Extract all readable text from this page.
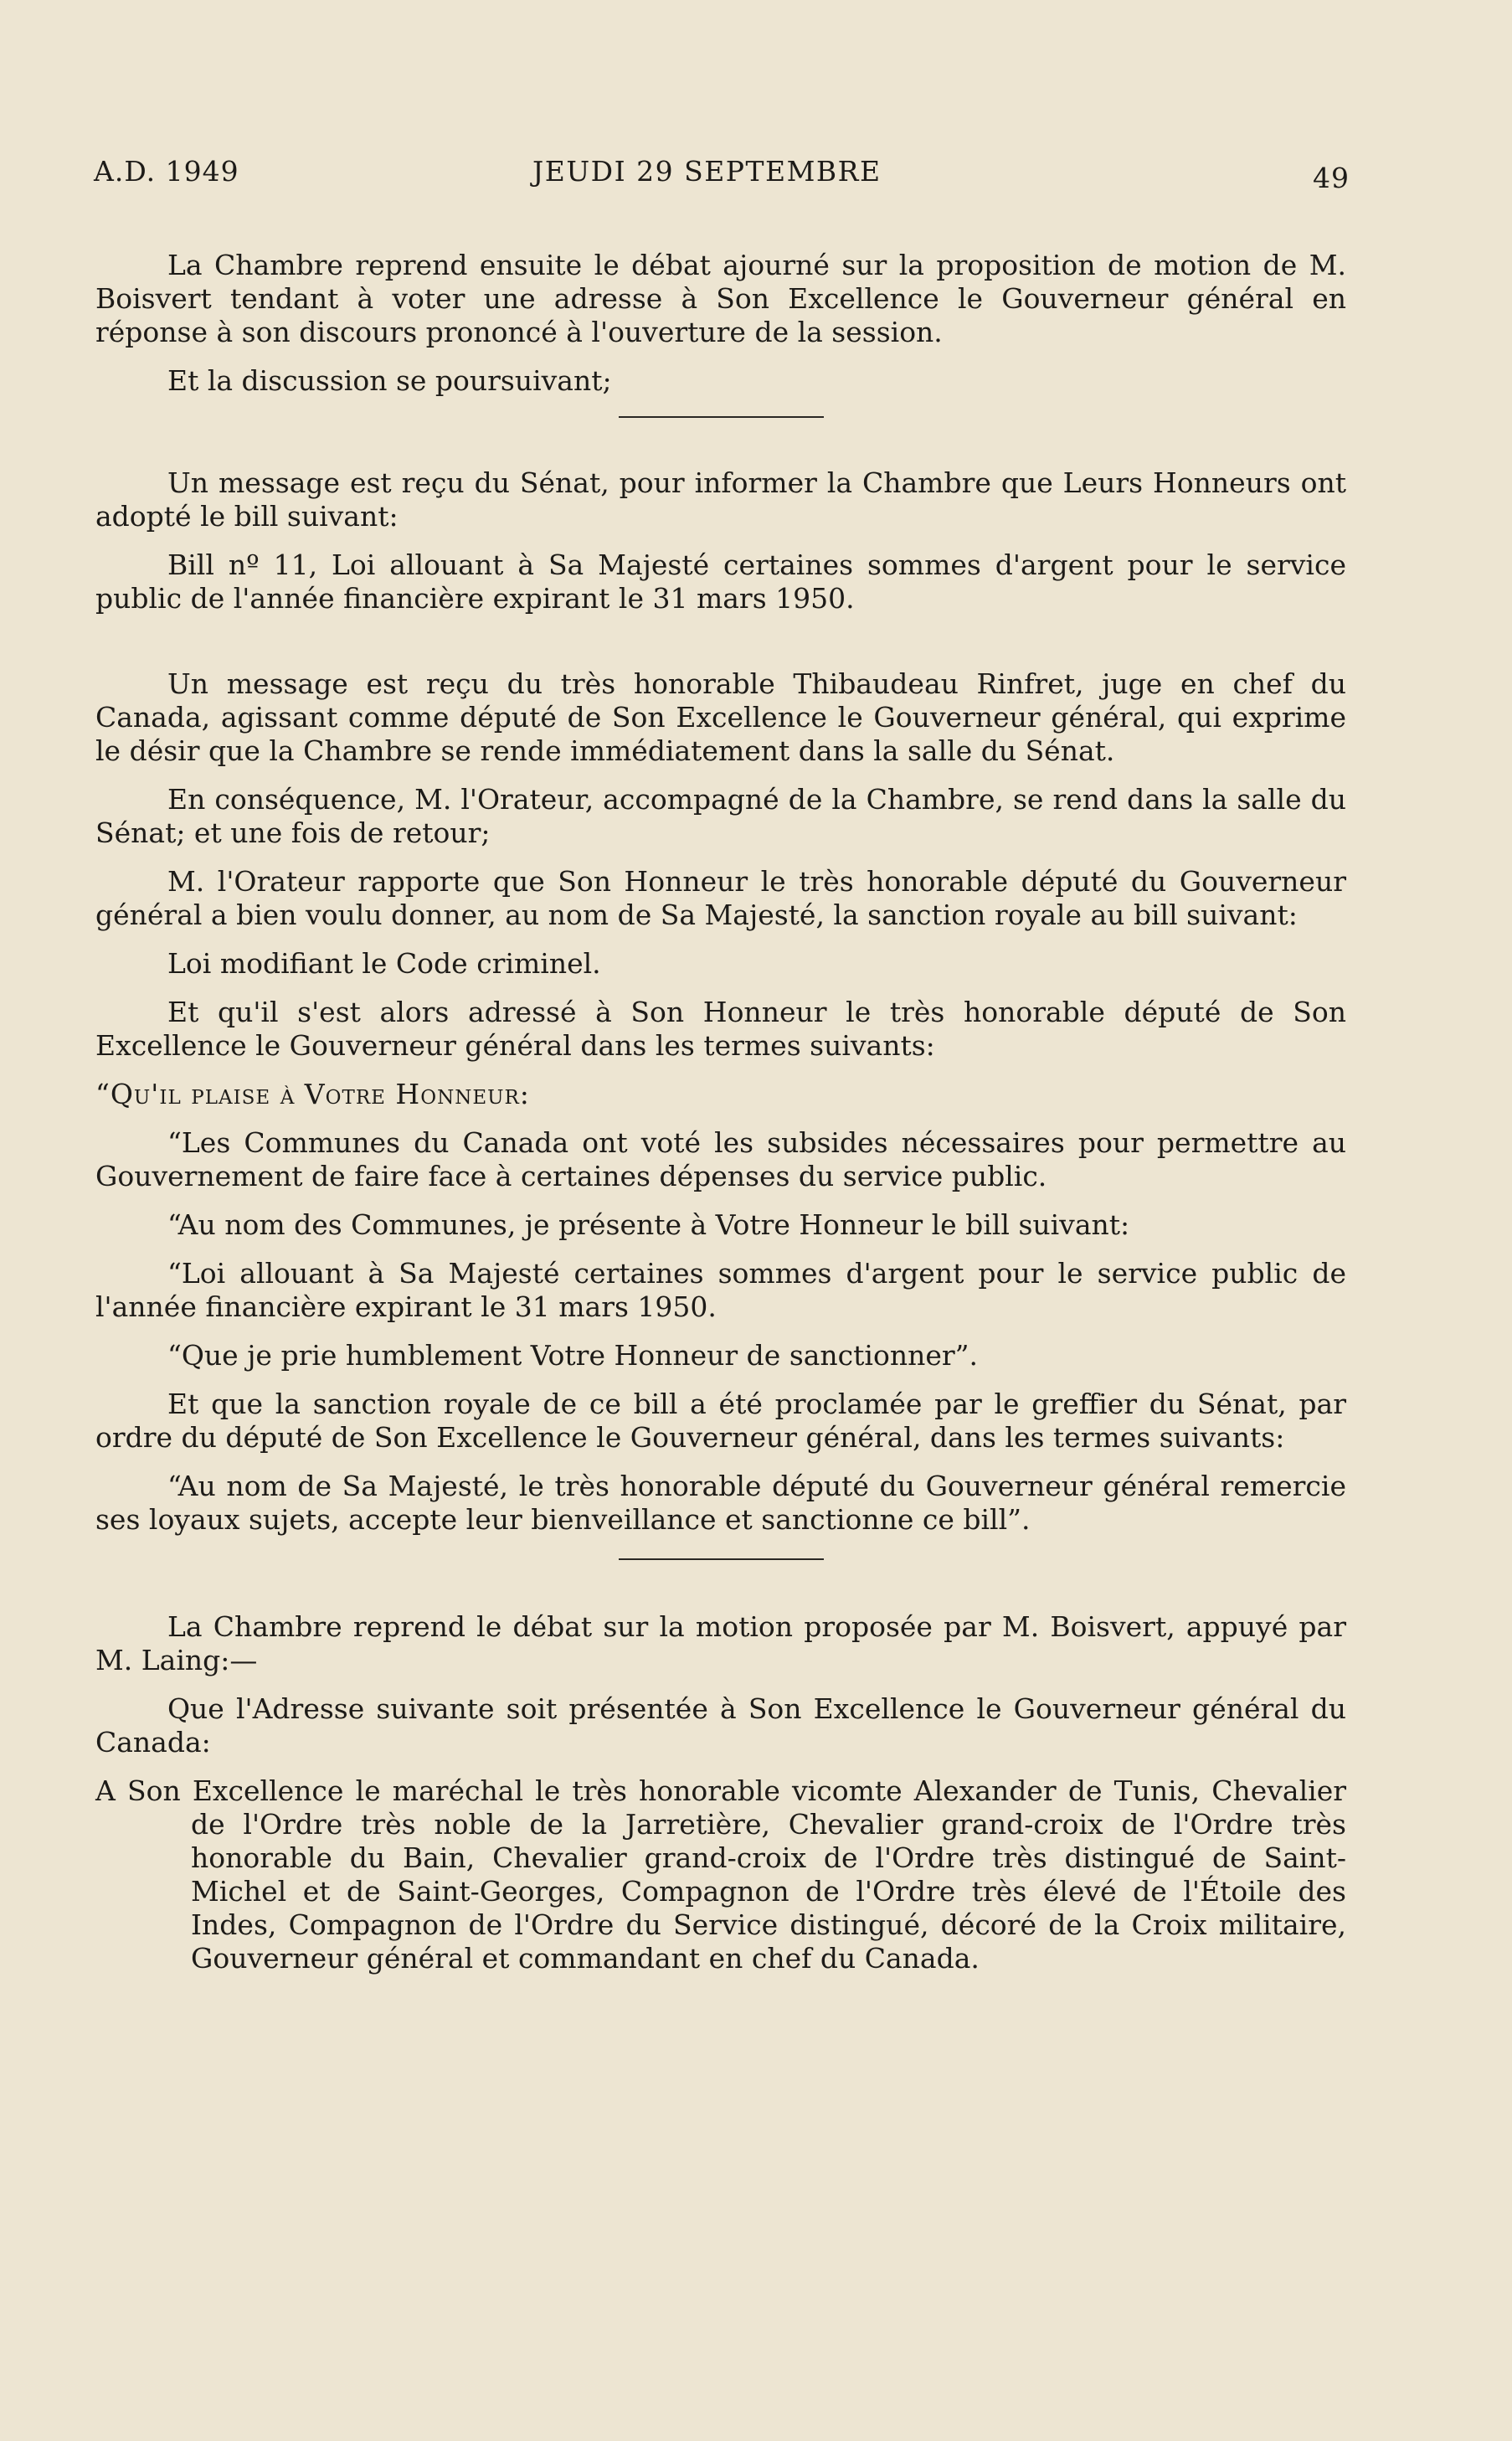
A.D. 1949	JEUDI 29 SEPTEMBRE	49

La Chambre reprend ensuite le débat ajourné sur la proposition de motion de M. Boisvert tendant à voter une adresse à Son Excellence le Gouverneur général en réponse à son discours prononcé à l'ouverture de la session.

Et la discussion se poursuivant;

Un message est reçu du Sénat, pour informer la Chambre que Leurs Honneurs ont adopté le bill suivant:

Bill nº 11, Loi allouant à Sa Majesté certaines sommes d'argent pour le service public de l'année financière expirant le 31 mars 1950.

Un message est reçu du très honorable Thibaudeau Rinfret, juge en chef du Canada, agissant comme député de Son Excellence le Gouverneur général, qui exprime le désir que la Chambre se rende immédiatement dans la salle du Sénat.

En conséquence, M. l'Orateur, accompagné de la Chambre, se rend dans la salle du Sénat; et une fois de retour;

M. l'Orateur rapporte que Son Honneur le très honorable député du Gouverneur général a bien voulu donner, au nom de Sa Majesté, la sanction royale au bill suivant:

Loi modifiant le Code criminel.

Et qu'il s'est alors adressé à Son Honneur le très honorable député de Son Excellence le Gouverneur général dans les termes suivants:

“Qu'il plaise à Votre Honneur:

“Les Communes du Canada ont voté les subsides nécessaires pour permettre au Gouvernement de faire face à certaines dépenses du service public.

“Au nom des Communes, je présente à Votre Honneur le bill suivant:

“Loi allouant à Sa Majesté certaines sommes d'argent pour le service public de l'année financière expirant le 31 mars 1950.

“Que je prie humblement Votre Honneur de sanctionner”.

Et que la sanction royale de ce bill a été proclamée par le greffier du Sénat, par ordre du député de Son Excellence le Gouverneur général, dans les termes suivants:

“Au nom de Sa Majesté, le très honorable député du Gouverneur général remercie ses loyaux sujets, accepte leur bienveillance et sanctionne ce bill”.

La Chambre reprend le débat sur la motion proposée par M. Boisvert, appuyé par M. Laing:—

Que l'Adresse suivante soit présentée à Son Excellence le Gouverneur général du Canada:

A Son Excellence le maréchal le très honorable vicomte Alexander de Tunis, Chevalier de l'Ordre très noble de la Jarretière, Chevalier grand-croix de l'Ordre très honorable du Bain, Chevalier grand-croix de l'Ordre très distingué de Saint-Michel et de Saint-Georges, Compagnon de l'Ordre très élevé de l'Étoile des Indes, Compagnon de l'Ordre du Service distingué, décoré de la Croix militaire, Gouverneur général et commandant en chef du Canada.
